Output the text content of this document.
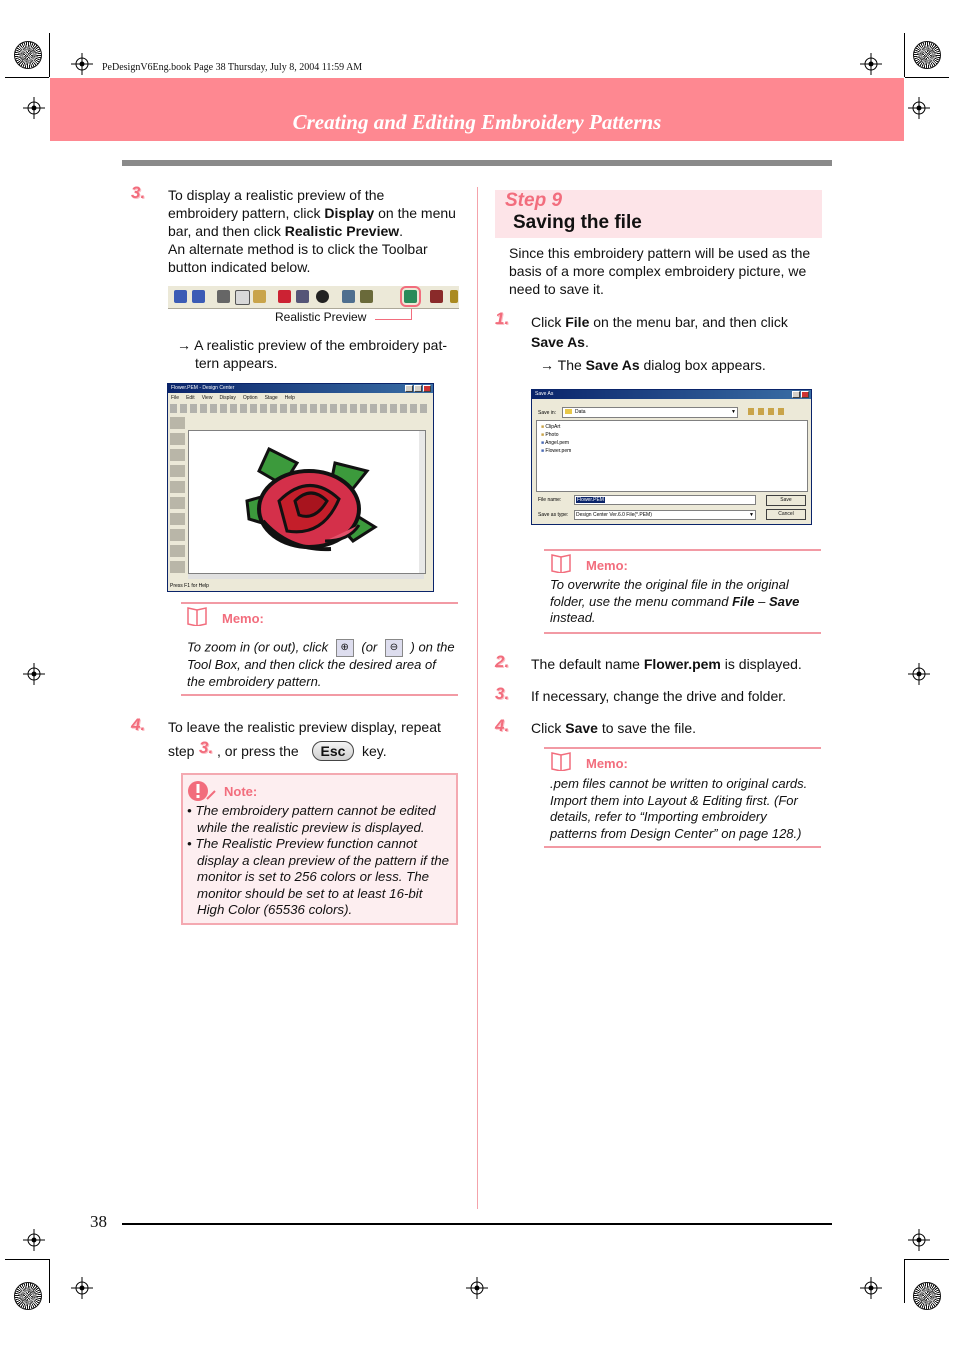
PeDesignV6Eng.book Page 38 Thursday, July 8, 2004 11:59 AM
Creating and Editing Embroidery Patterns
3. To display a realistic preview of the
embroidery pattern, click Display on the menu
bar, and then click Realistic Preview.
An alternate method is to click the Toolbar
button indicated below.
Realistic Preview
→ A realistic preview of the embroidery pat-
tern appears.
Flower.PEM - Design Center
File Edit View Display Option Stage Help
Press F1 for Help
Memo:
To zoom in (or out), click ⊕ (or ⊖ ) on the
Tool Box, and then click the desired area of
the embroidery pattern.
4. To leave the realistic preview display, repeat
step 3. , or press the	Esc	key.
Note:
• The embroidery pattern cannot be edited
while the realistic preview is displayed.
• The Realistic Preview function cannot
display a clean preview of the pattern if the
monitor is set to 256 colors or less. The
monitor should be set to at least 16-bit
High Color (65536 colors).
Step 9
Saving the file
Since this embroidery pattern will be used as the
basis of a more complex embroidery picture, we
need to save it.
1. Click File on the menu bar, and then click
Save As.
→ The Save As dialog box appears.
Save As
Save in:	Data	▼
■ ClipArt
■ Photo
■ Angel.pem
■ Flower.pem
File name:	Flower.PEM	Save
Save as type: Design Center Ver.6.0 File(*.PEM)	▼	Cancel
Memo:
To overwrite the original file in the original
folder, use the menu command File – Save
instead.
2. The default name Flower.pem is displayed.
3. If necessary, change the drive and folder.
4. Click Save to save the file.
Memo:
.pem files cannot be written to original cards.
Import them into Layout & Editing first. (For
details, refer to “Importing embroidery
patterns from Design Center” on page 128.)
38
